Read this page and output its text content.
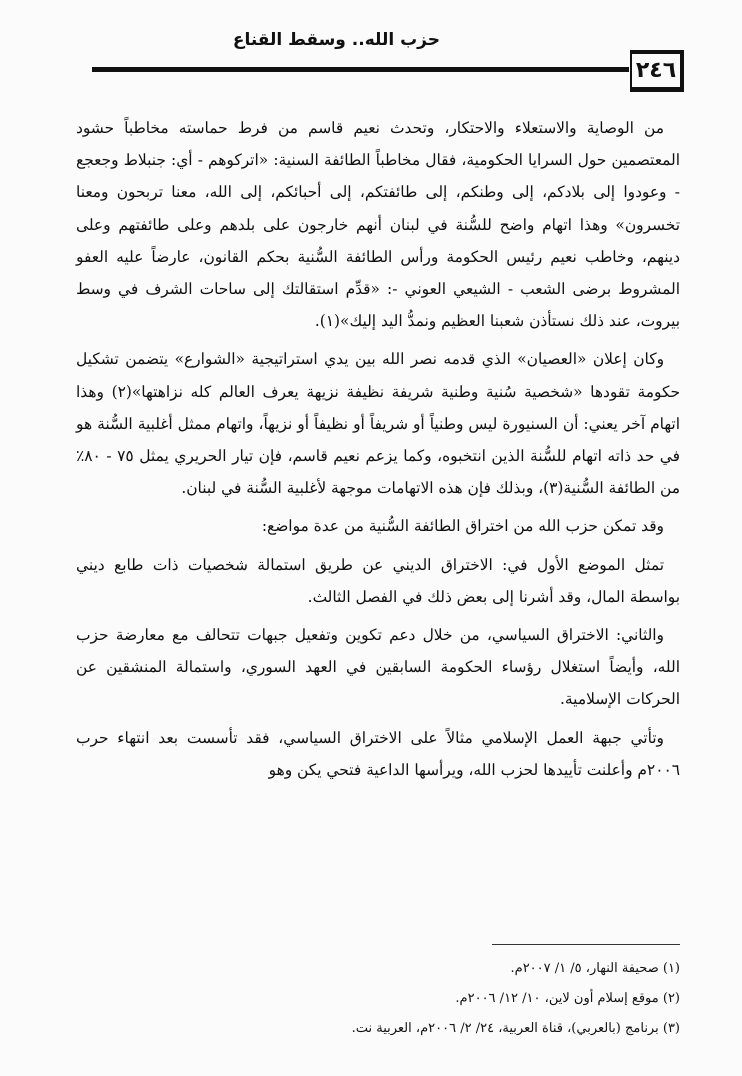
حزب الله.. وسقط القناع
٢٤٦

من الوصاية والاستعلاء والاحتكار، وتحدث نعيم قاسم من فرط حماسته مخاطباً حشود المعتصمين حول السرايا الحكومية، فقال مخاطباً الطائفة السنية: «اتركوهم - أي: جنبلاط وجعجع - وعودوا إلى بلادكم، إلى وطنكم، إلى طائفتكم، إلى أحبائكم، إلى الله، معنا تربحون ومعنا تخسرون» وهذا اتهام واضح للسُّنة في لبنان أنهم خارجون على بلدهم وعلى طائفتهم وعلى دينهم، وخاطب نعيم رئيس الحكومة ورأس الطائفة السُّنية بحكم القانون، عارضاً عليه العفو المشروط برضى الشعب - الشيعي العوني -: «قدِّم استقالتك إلى ساحات الشرف في وسط بيروت، عند ذلك نستأذن شعبنا العظيم ونمدُّ اليد إليك»(١).

وكان إعلان «العصيان» الذي قدمه نصر الله بين يدي استراتيجية «الشوارع» يتضمن تشكيل حكومة تقودها «شخصية سُنية وطنية شريفة نظيفة نزيهة يعرف العالم كله نزاهتها»(٢) وهذا اتهام آخر يعني: أن السنيورة ليس وطنياً أو شريفاً أو نظيفاً أو نزيهاً، واتهام ممثل أغلبية السُّنة هو في حد ذاته اتهام للسُّنة الذين انتخبوه، وكما يزعم نعيم قاسم، فإن تيار الحريري يمثل ٧٥ - ٨٠٪ من الطائفة السُّنية(٣)، وبذلك فإن هذه الاتهامات موجهة لأغلبية السُّنة في لبنان.

وقد تمكن حزب الله من اختراق الطائفة السُّنية من عدة مواضع:

تمثل الموضع الأول في: الاختراق الديني عن طريق استمالة شخصيات ذات طابع ديني بواسطة المال، وقد أشرنا إلى بعض ذلك في الفصل الثالث.

والثاني: الاختراق السياسي، من خلال دعم تكوين وتفعيل جبهات تتحالف مع معارضة حزب الله، وأيضاً استغلال رؤساء الحكومة السابقين في العهد السوري، واستمالة المنشقين عن الحركات الإسلامية.

وتأتي جبهة العمل الإسلامي مثالاً على الاختراق السياسي، فقد تأسست بعد انتهاء حرب ٢٠٠٦م وأعلنت تأييدها لحزب الله، ويرأسها الداعية فتحي يكن وهو

(١) صحيفة النهار، ٥/ ١/ ٢٠٠٧م.
(٢) موقع إسلام أون لاين، ١٠/ ١٢/ ٢٠٠٦م.
(٣) برنامج (بالعربي)، قناة العربية، ٢٤/ ٢/ ٢٠٠٦م، العربية نت.
